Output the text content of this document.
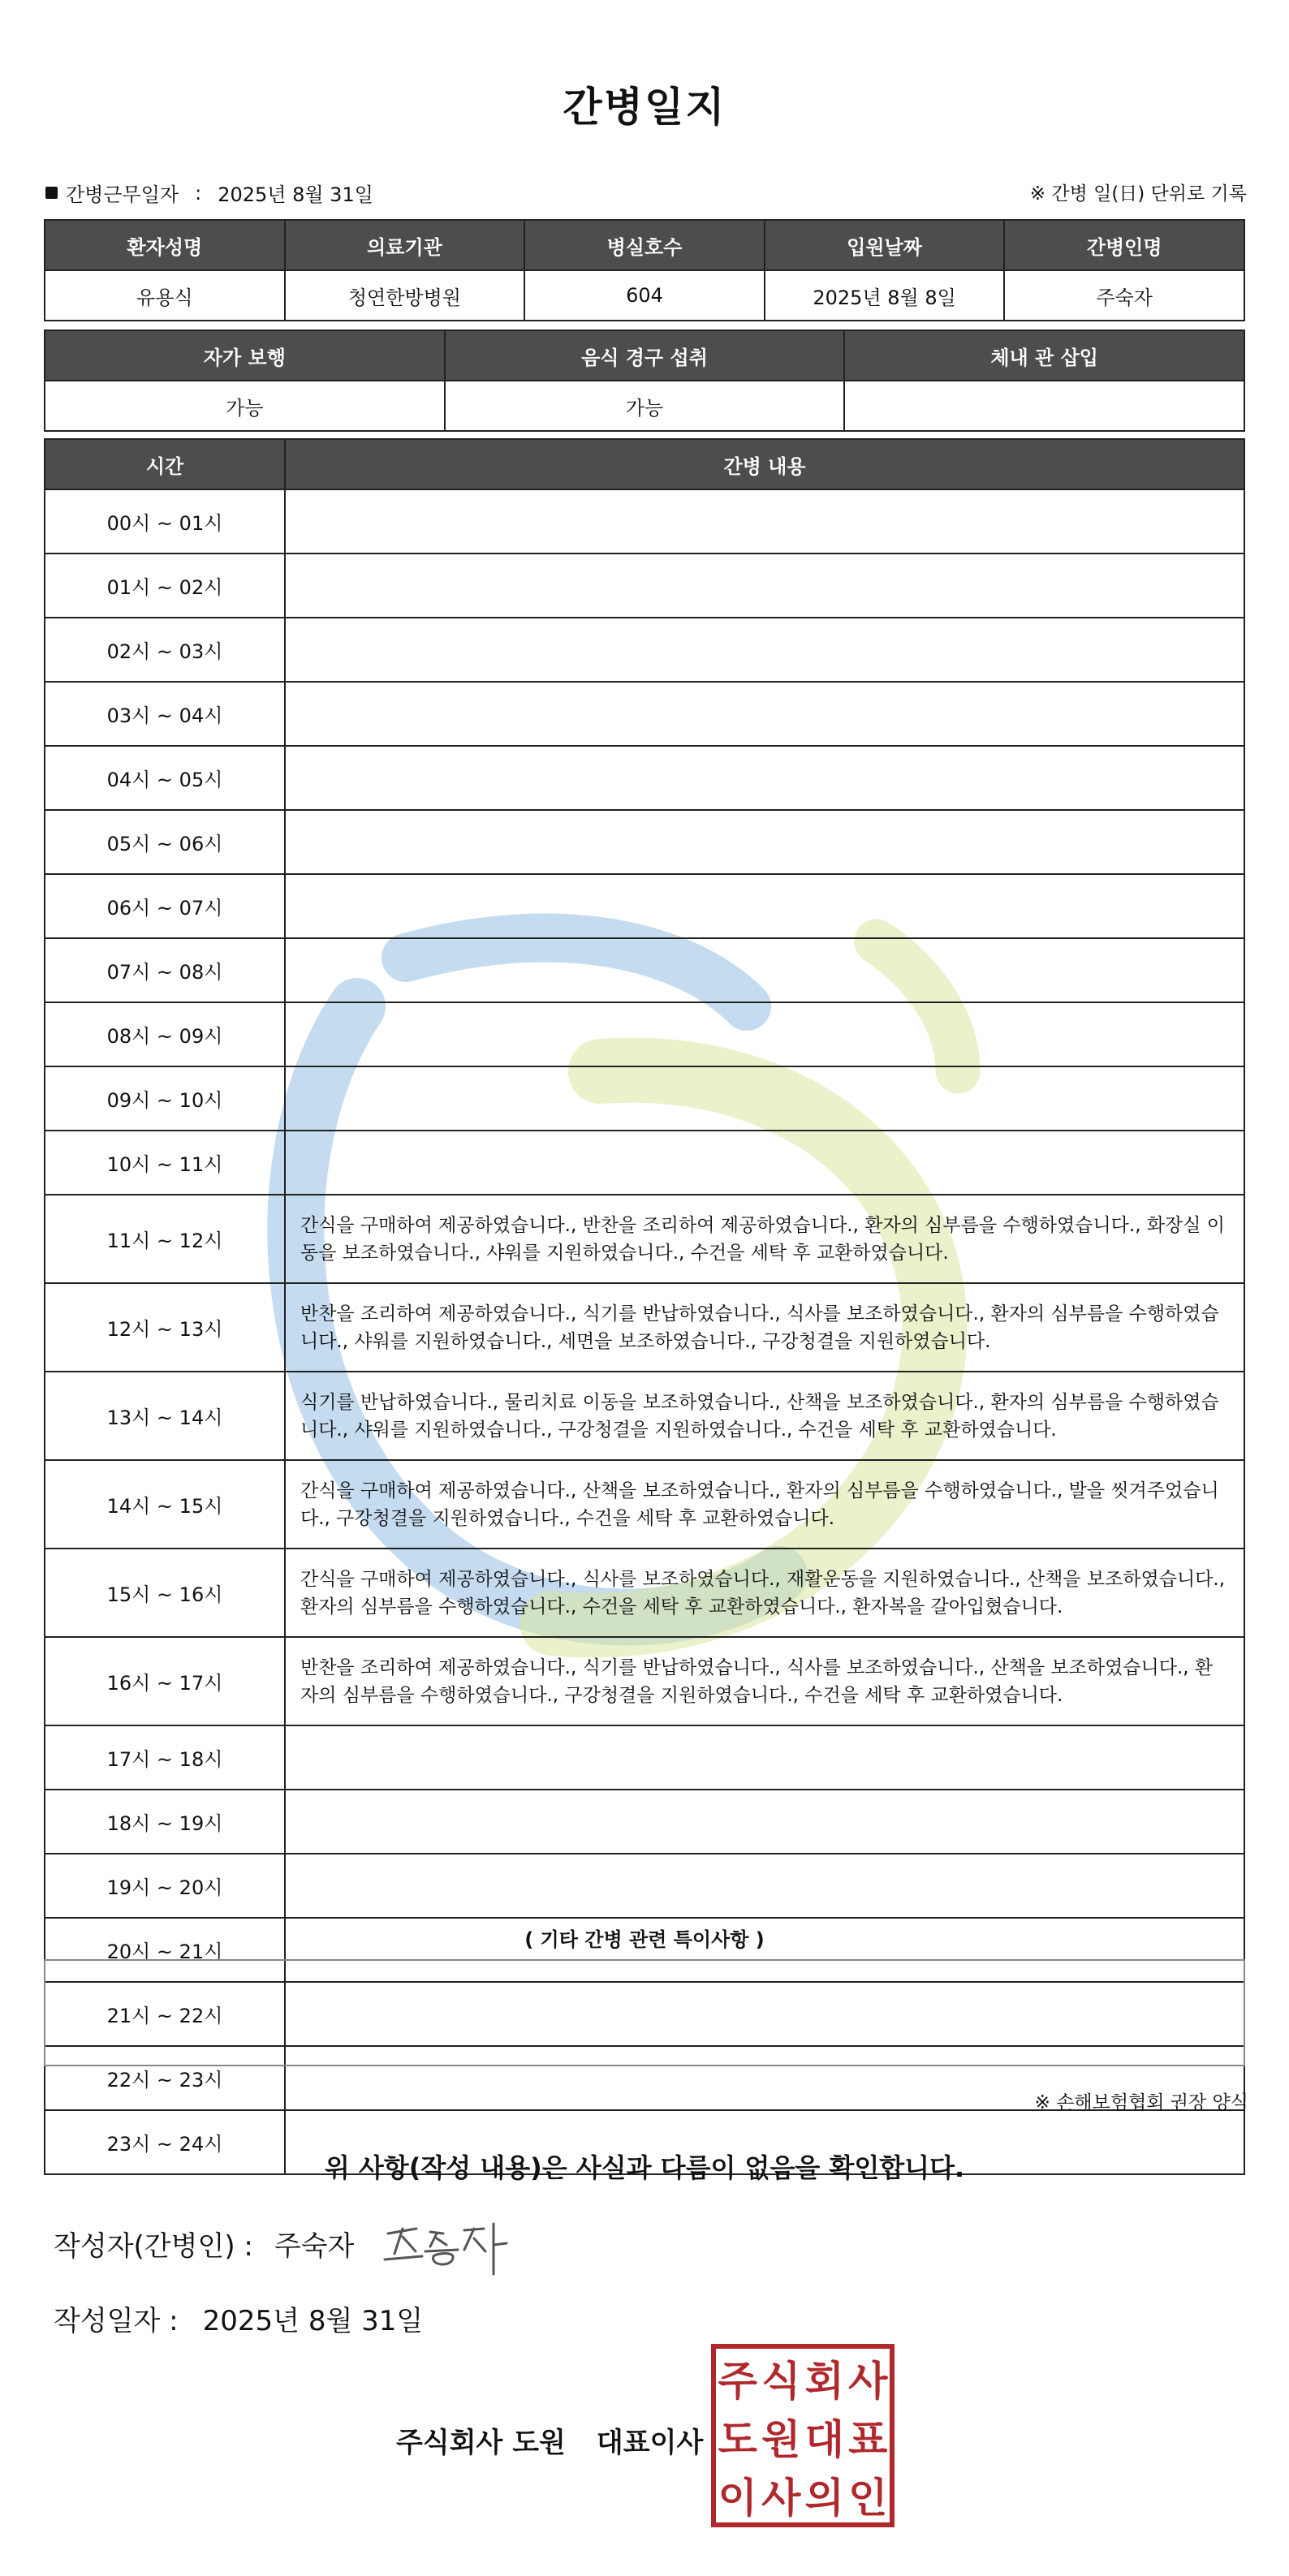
간병일지
간병근무일자 : 2025년 8월 31일	※ 간병 일(日) 단위로 기록
환자성명	의료기관	병실호수	입원날짜	간병인명
유용식	청연한방병원	604	2025년 8월 8일	주숙자
자가 보행	음식 경구 섭취	체내 관 삽입
가능	가능	
시간	간병 내용
00시 ~ 01시	
01시 ~ 02시	
02시 ~ 03시	
03시 ~ 04시	
04시 ~ 05시	
05시 ~ 06시	
06시 ~ 07시	
07시 ~ 08시	
08시 ~ 09시	
09시 ~ 10시	
10시 ~ 11시	
11시 ~ 12시	간식을 구매하여 제공하였습니다., 반찬을 조리하여 제공하였습니다., 환자의 심부름을 수행하였습니다., 화장실 이동을 보조하였습니다., 샤워를 지원하였습니다., 수건을 세탁 후 교환하였습니다.
12시 ~ 13시	반찬을 조리하여 제공하였습니다., 식기를 반납하였습니다., 식사를 보조하였습니다., 환자의 심부름을 수행하였습니다., 샤워를 지원하였습니다., 세면을 보조하였습니다., 구강청결을 지원하였습니다.
13시 ~ 14시	식기를 반납하였습니다., 물리치료 이동을 보조하였습니다., 산책을 보조하였습니다., 환자의 심부름을 수행하였습니다., 샤워를 지원하였습니다., 구강청결을 지원하였습니다., 수건을 세탁 후 교환하였습니다.
14시 ~ 15시	간식을 구매하여 제공하였습니다., 산책을 보조하였습니다., 환자의 심부름을 수행하였습니다., 발을 씻겨주었습니다., 구강청결을 지원하였습니다., 수건을 세탁 후 교환하였습니다.
15시 ~ 16시	간식을 구매하여 제공하였습니다., 식사를 보조하였습니다., 재활운동을 지원하였습니다., 산책을 보조하였습니다., 환자의 심부름을 수행하였습니다., 수건을 세탁 후 교환하였습니다., 환자복을 갈아입혔습니다.
16시 ~ 17시	반찬을 조리하여 제공하였습니다., 식기를 반납하였습니다., 식사를 보조하였습니다., 산책을 보조하였습니다., 환자의 심부름을 수행하였습니다., 구강청결을 지원하였습니다., 수건을 세탁 후 교환하였습니다.
17시 ~ 18시	
18시 ~ 19시	
19시 ~ 20시	
20시 ~ 21시	
21시 ~ 22시	
22시 ~ 23시	
23시 ~ 24시	
( 기타 간병 관련 특이사항 )
※ 손해보험협회 권장 양식
위 사항(작성 내용)은 사실과 다름이 없음을 확인합니다.
작성자(간병인) : 주숙자
작성일자 : 2025년 8월 31일
주식회사 도원 대표이사
주 식 회 사
도 원 대 표
이 사 의 인
